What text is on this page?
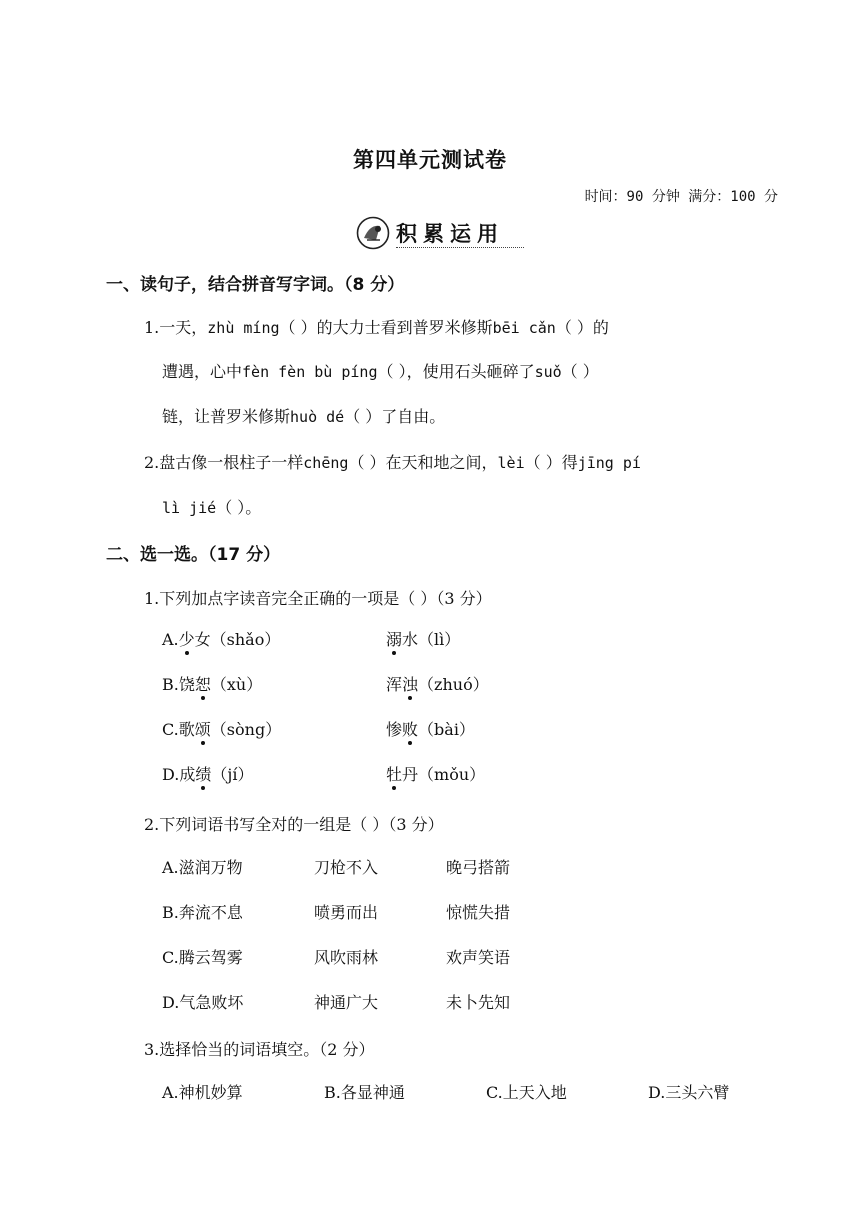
第四单元测试卷
时间：90 分钟 满分：100 分
积累运用
一、读句子，结合拼音写字词。（8 分）
1.一天，zhù míng（ ）的大力士看到普罗米修斯bēi cǎn（ ）的
遭遇，心中fèn fèn bù píng（ ），使用石头砸碎了suǒ（ ）
链，让普罗米修斯huò dé（ ）了自由。
2.盘古像一根柱子一样chēng（ ）在天和地之间，lèi（ ）得jīng pí
lì jié（ ）。
二、选一选。（17 分）
1.下列加点字读音完全正确的一项是（ ）（3 分）
A.少女（shǎo）	溺水（lì）
B.饶恕（xù）	浑浊（zhuó）
C.歌颂（sòng）	惨败（bài）
D.成绩（jí）	牡丹（mǒu）
2.下列词语书写全对的一组是（ ）（3 分）
A.滋润万物	刀枪不入	晚弓搭箭
B.奔流不息	喷勇而出	惊慌失措
C.腾云驾雾	风吹雨林	欢声笑语
D.气急败坏	神通广大	未卜先知
3.选择恰当的词语填空。（2 分）
A.神机妙算	B.各显神通	C.上天入地	D.三头六臂
